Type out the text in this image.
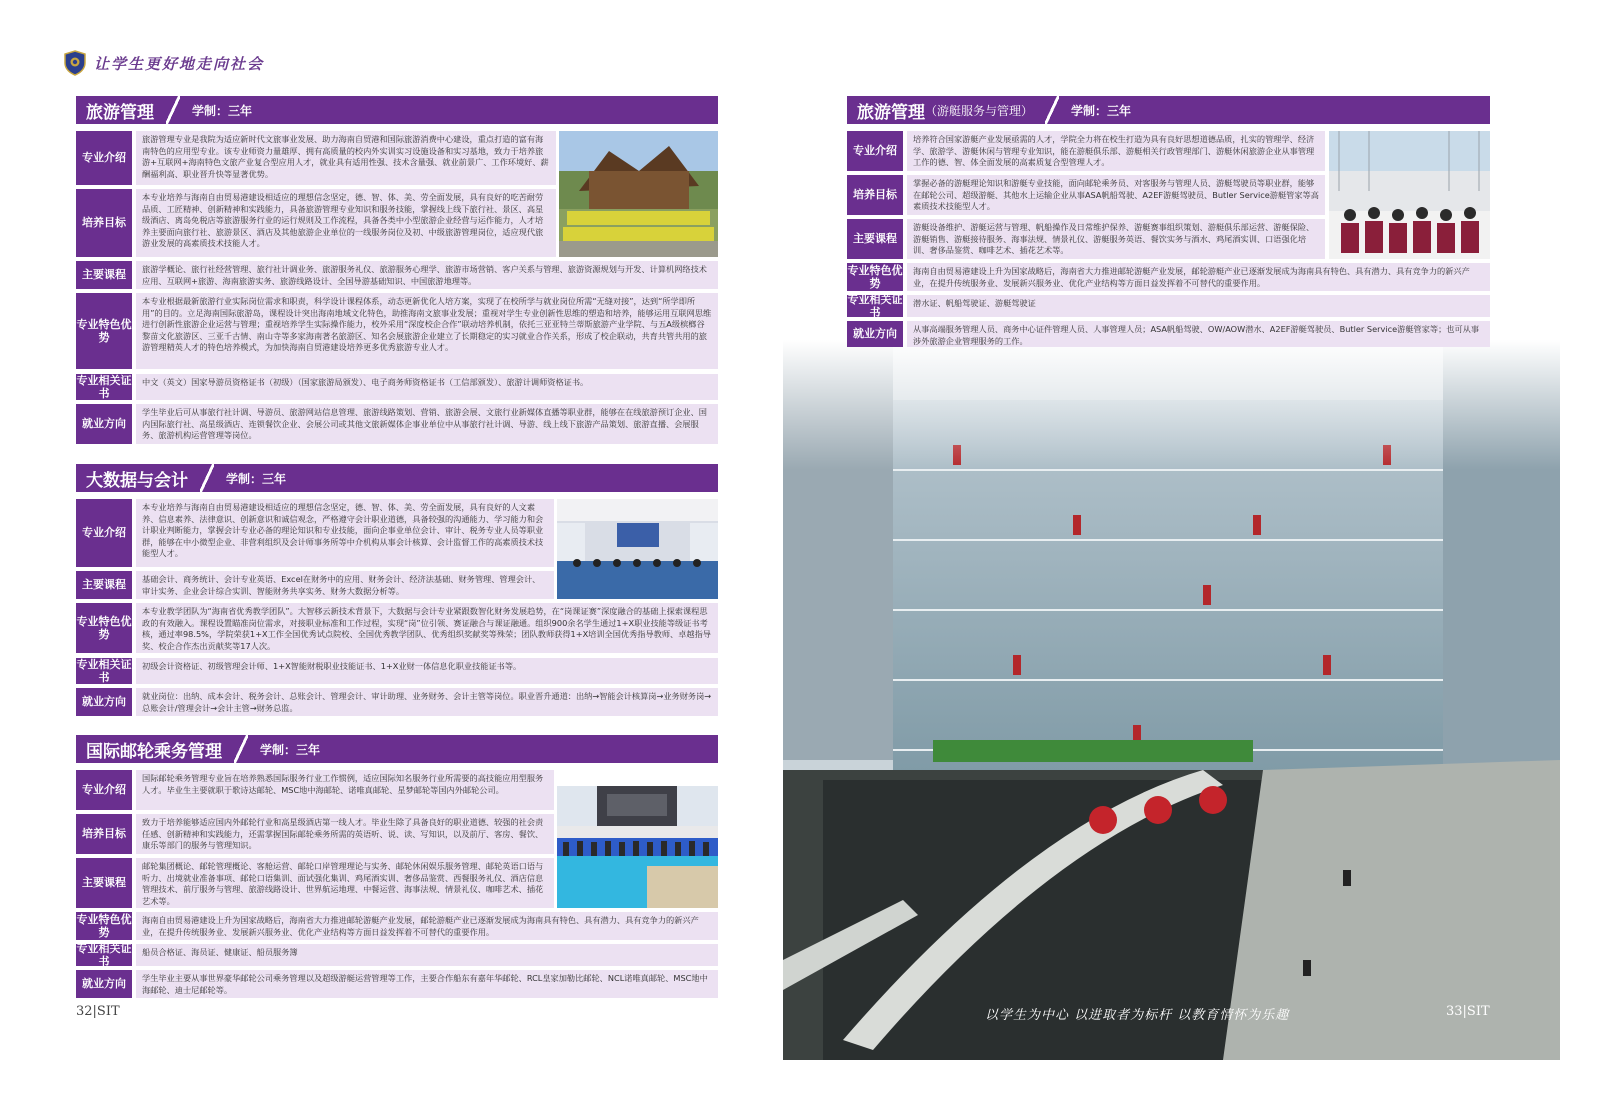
让学生更好地走向社会
旅游管理	学制：三年
专业介绍
旅游管理专业是我院为适应新时代文旅事业发展、助力海南自贸港和国际旅游消费中心建设，重点打造的富有海南特色的应用型专业。该专业师资力量雄厚、拥有高质量的校内外实训实习设施设备和实习基地，致力于培养旅游+互联网+海南特色文旅产业复合型应用人才，就业具有适用性强、技术含量强、就业前景广、工作环境好、薪酬福利高、职业晋升快等显著优势。
培养目标
本专业培养与海南自由贸易港建设相适应的理想信念坚定，德、智、体、美、劳全面发展，具有良好的吃苦耐劳品质、工匠精神、创新精神和实践能力，具备旅游管理专业知识和服务技能，掌握线上线下旅行社、景区、高星级酒店、离岛免税店等旅游服务行业的运行规则及工作流程，具备各类中小型旅游企业经营与运作能力，人才培养主要面向旅行社、旅游景区、酒店及其他旅游企业单位的一线服务岗位及初、中级旅游管理岗位，适应现代旅游业发展的高素质技术技能人才。
主要课程	旅游学概论、旅行社经营管理、旅行社计调业务、旅游服务礼仪、旅游服务心理学、旅游市场营销、客户关系与管理、旅游资源规划与开发、计算机网络技术应用、互联网+旅游、海南旅游实务、旅游线路设计、全国导游基础知识、中国旅游地理等。
专业特色优势
本专业根据最新旅游行业实际岗位需求和职责，科学设计课程体系，动态更新优化人培方案，实现了在校所学与就业岗位所需“无缝对接”，达到“所学即所用”的目的。立足海南国际旅游岛，课程设计突出海南地域文化特色，助推海南文旅事业发展；重视对学生专业创新性思维的塑造和培养，能够运用互联网思维进行创新性旅游企业运营与管理；重视培养学生实际操作能力，校外采用“深度校企合作”联动培养机制，依托三亚亚特兰蒂斯旅游产业学院、与五A级槟榔谷黎苗文化旅游区、三亚千古情、南山寺等多家海南著名旅游区、知名会展旅游企业建立了长期稳定的实习就业合作关系，形成了校企联动，共育共管共用的旅游管理精英人才的特色培养模式，为加快海南自贸港建设培养更多优秀旅游专业人才。
专业相关证书
中文（英文）国家导游员资格证书（初级）（国家旅游局颁发）、电子商务师资格证书（工信部颁发）、旅游计调师资格证书。
就业方向
学生毕业后可从事旅行社计调、导游员、旅游网站信息管理、旅游线路策划、营销、旅游会展、文旅行业新媒体直播等职业群，能够在在线旅游预订企业、国内国际旅行社、高星级酒店、连锁餐饮企业、会展公司或其他文旅新媒体企事业单位中从事旅行社计调、导游、线上线下旅游产品策划、旅游直播、会展服务、旅游机构运营管理等岗位。
大数据与会计	学制：三年
专业介绍
本专业培养与海南自由贸易港建设相适应的理想信念坚定，德、智、体、美、劳全面发展，具有良好的人文素养、信息素养、法律意识、创新意识和诚信观念，严格遵守会计职业道德，具备较强的沟通能力、学习能力和会计职业判断能力，掌握会计专业必备的理论知识和专业技能，面向企事业单位会计、审计、税务专业人员等职业群，能够在中小微型企业、非营利组织及会计师事务所等中介机构从事会计核算、会计监督工作的高素质技术技能型人才。
主要课程	基础会计、商务统计、会计专业英语、Excel在财务中的应用、财务会计、经济法基础、财务管理、管理会计、审计实务、企业会计综合实训、智能财务共享实务、财务大数据分析等。
专业特色优势
本专业教学团队为“海南省优秀教学团队”。大智移云新技术背景下，大数据与会计专业紧跟数智化财务发展趋势，在“岗课证赛”深度融合的基础上探索课程思政的有效融入。课程设置瞄准岗位需求，对接职业标准和工作过程，实现“岗”位引领、赛证融合与课证融通。组织900余名学生通过1+X职业技能等级证书考核，通过率98.5%，学院荣获1+X工作全国优秀试点院校、全国优秀教学团队、优秀组织奖献奖等殊荣；团队教师获得1+X培训全国优秀指导教师、卓越指导奖、校企合作杰出贡献奖等17人次。
专业相关证书
初级会计资格证、初级管理会计师、1+X智能财税职业技能证书、1+X业财一体信息化职业技能证书等。
就业方向	就业岗位：出纳、成本会计、税务会计、总账会计、管理会计、审计助理、业务财务、会计主管等岗位。职业晋升通道：出纳→智能会计核算岗→业务财务岗→总账会计/管理会计→会计主管→财务总监。
国际邮轮乘务管理	学制：三年
专业介绍
国际邮轮乘务管理专业旨在培养熟悉国际服务行业工作惯例，适应国际知名服务行业所需要的高技能应用型服务人才。毕业生主要就职于歌诗达邮轮、MSC地中海邮轮、诺唯真邮轮、星梦邮轮等国内外邮轮公司。
培养目标
致力于培养能够适应国内外邮轮行业和高星级酒店第一线人才。毕业生除了具备良好的职业道德、较强的社会责任感、创新精神和实践能力，还需掌握国际邮轮乘务所需的英语听、说、读、写知识，以及前厅、客房、餐饮、康乐等部门的服务与管理知识。
主要课程
邮轮集团概论、邮轮管理概论、客舱运营、邮轮口岸管理理论与实务、邮轮休闲娱乐服务管理、邮轮英语口语与听力、出境就业准备事项、邮轮口语集训、面试强化集训、鸡尾酒实训、奢侈品鉴赏、西餐服务礼仪、酒店信息管理技术、前厅服务与管理、旅游线路设计、世界航运地理、中餐运营、海事法规、情景礼仪、咖啡艺术、插花艺术等。
专业特色优势
海南自由贸易港建设上升为国家战略后，海南省大力推进邮轮游艇产业发展，邮轮游艇产业已逐渐发展成为海南具有特色、具有潜力、具有竞争力的新兴产业，在提升传统服务业、发展新兴服务业、优化产业结构等方面日益发挥着不可替代的重要作用。
专业相关证书
船员合格证、海员证、健康证、船员服务簿
就业方向	学生毕业主要从事世界豪华邮轮公司乘务管理以及超级游艇运营管理等工作，主要合作船东有嘉年华邮轮、RCL皇家加勒比邮轮、NCL诺唯真邮轮、MSC地中海邮轮、迪士尼邮轮等。
32|SIT
旅游管理 （游艇服务与管理）	学制：三年
专业介绍
培养符合国家游艇产业发展亟需的人才，学院全力将在校生打造为具有良好思想道德品质，扎实的管理学、经济学、旅游学、游艇休闲与管理专业知识，能在游艇俱乐部、游艇相关行政管理部门、游艇休闲旅游企业从事管理工作的德、智、体全面发展的高素质复合型管理人才。
培养目标
掌握必备的游艇理论知识和游艇专业技能，面向邮轮乘务员、对客服务与管理人员、游艇驾驶员等职业群，能够在邮轮公司、超级游艇、其他水上运输企业从事ASA帆船驾驶、A2EF游艇驾驶员、Butler Service游艇管家等高素质技术技能型人才。
主要课程
游艇设备维护、游艇运营与管理、帆船操作及日常维护保养、游艇赛事组织策划、游艇俱乐部运营、游艇保险、游艇销售、游艇接待服务、海事法规、情景礼仪、游艇服务英语、餐饮实务与酒水、鸡尾酒实训、口语强化培训、奢侈品鉴赏、咖啡艺术、插花艺术等。
专业特色优势
海南自由贸易港建设上升为国家战略后，海南省大力推进邮轮游艇产业发展，邮轮游艇产业已逐渐发展成为海南具有特色、具有潜力、具有竞争力的新兴产业，在提升传统服务业、发展新兴服务业、优化产业结构等方面日益发挥着不可替代的重要作用。
专业相关证书
潜水证、帆船驾驶证、游艇驾驶证
就业方向	从事高端服务管理人员、商务中心证件管理人员、人事管理人员；ASA帆船驾驶、OW/AOW潜水、A2EF游艇驾驶员、Butler Service游艇管家等；也可从事涉外旅游企业管理服务的工作。
以学生为中心 以进取者为标杆 以教育情怀为乐趣	33|SIT
